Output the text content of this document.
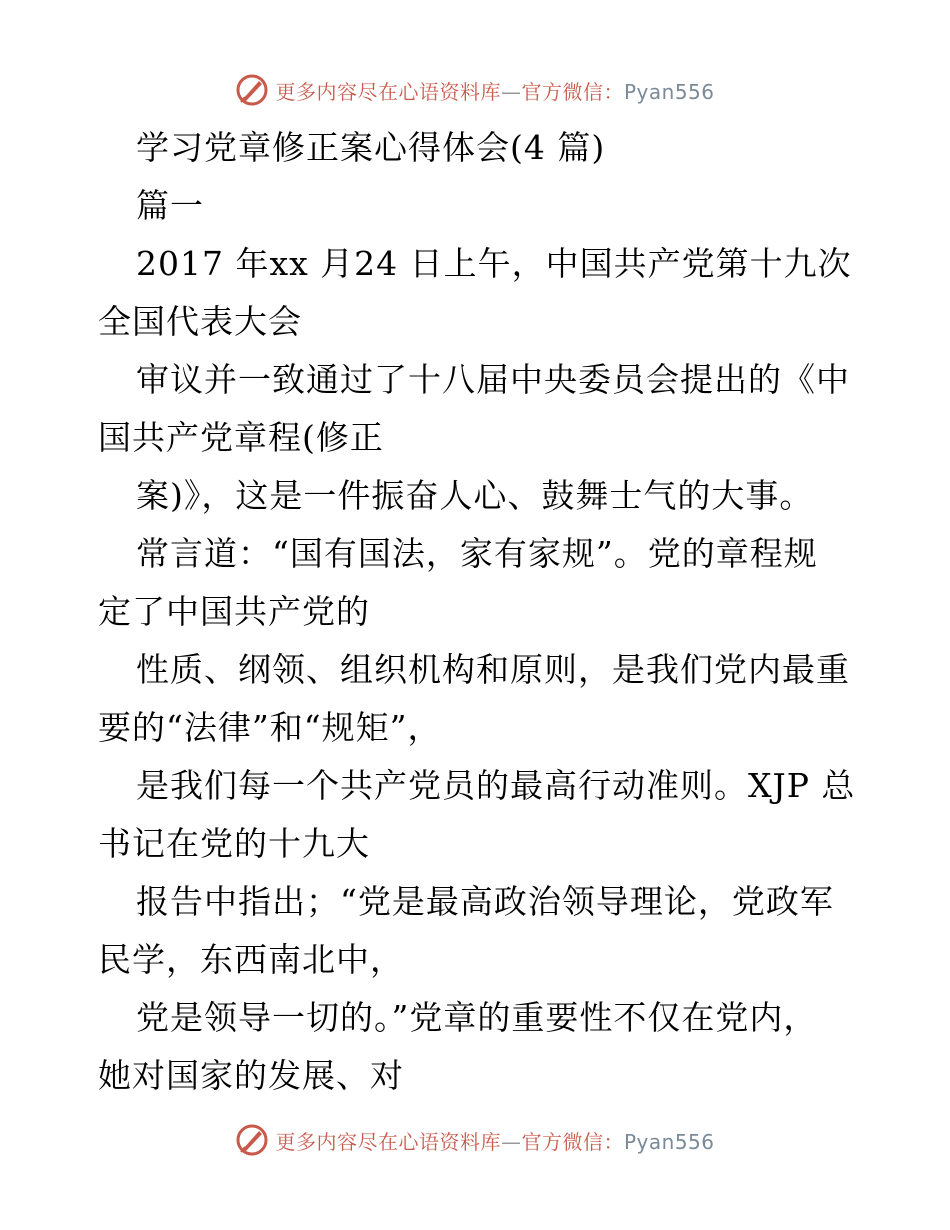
更多内容尽在心语资料库—官方微信：Pyan556
学习党章修正案心得体会(4 篇)
篇一
2017 年xx 月24 日上午，中国共产党第十九次
全国代表大会
审议并一致通过了十八届中央委员会提出的《中
国共产党章程(修正
案)》，这是一件振奋人心、鼓舞士气的大事。
常言道：“国有国法，家有家规”。党的章程规
定了中国共产党的
性质、纲领、组织机构和原则，是我们党内最重
要的“法律”和“规矩”，
是我们每一个共产党员的最高行动准则。XJP 总
书记在党的十九大
报告中指出；“党是最高政治领导理论，党政军
民学，东西南北中，
党是领导一切的。”党章的重要性不仅在党内，
她对国家的发展、对
更多内容尽在心语资料库—官方微信：Pyan556
